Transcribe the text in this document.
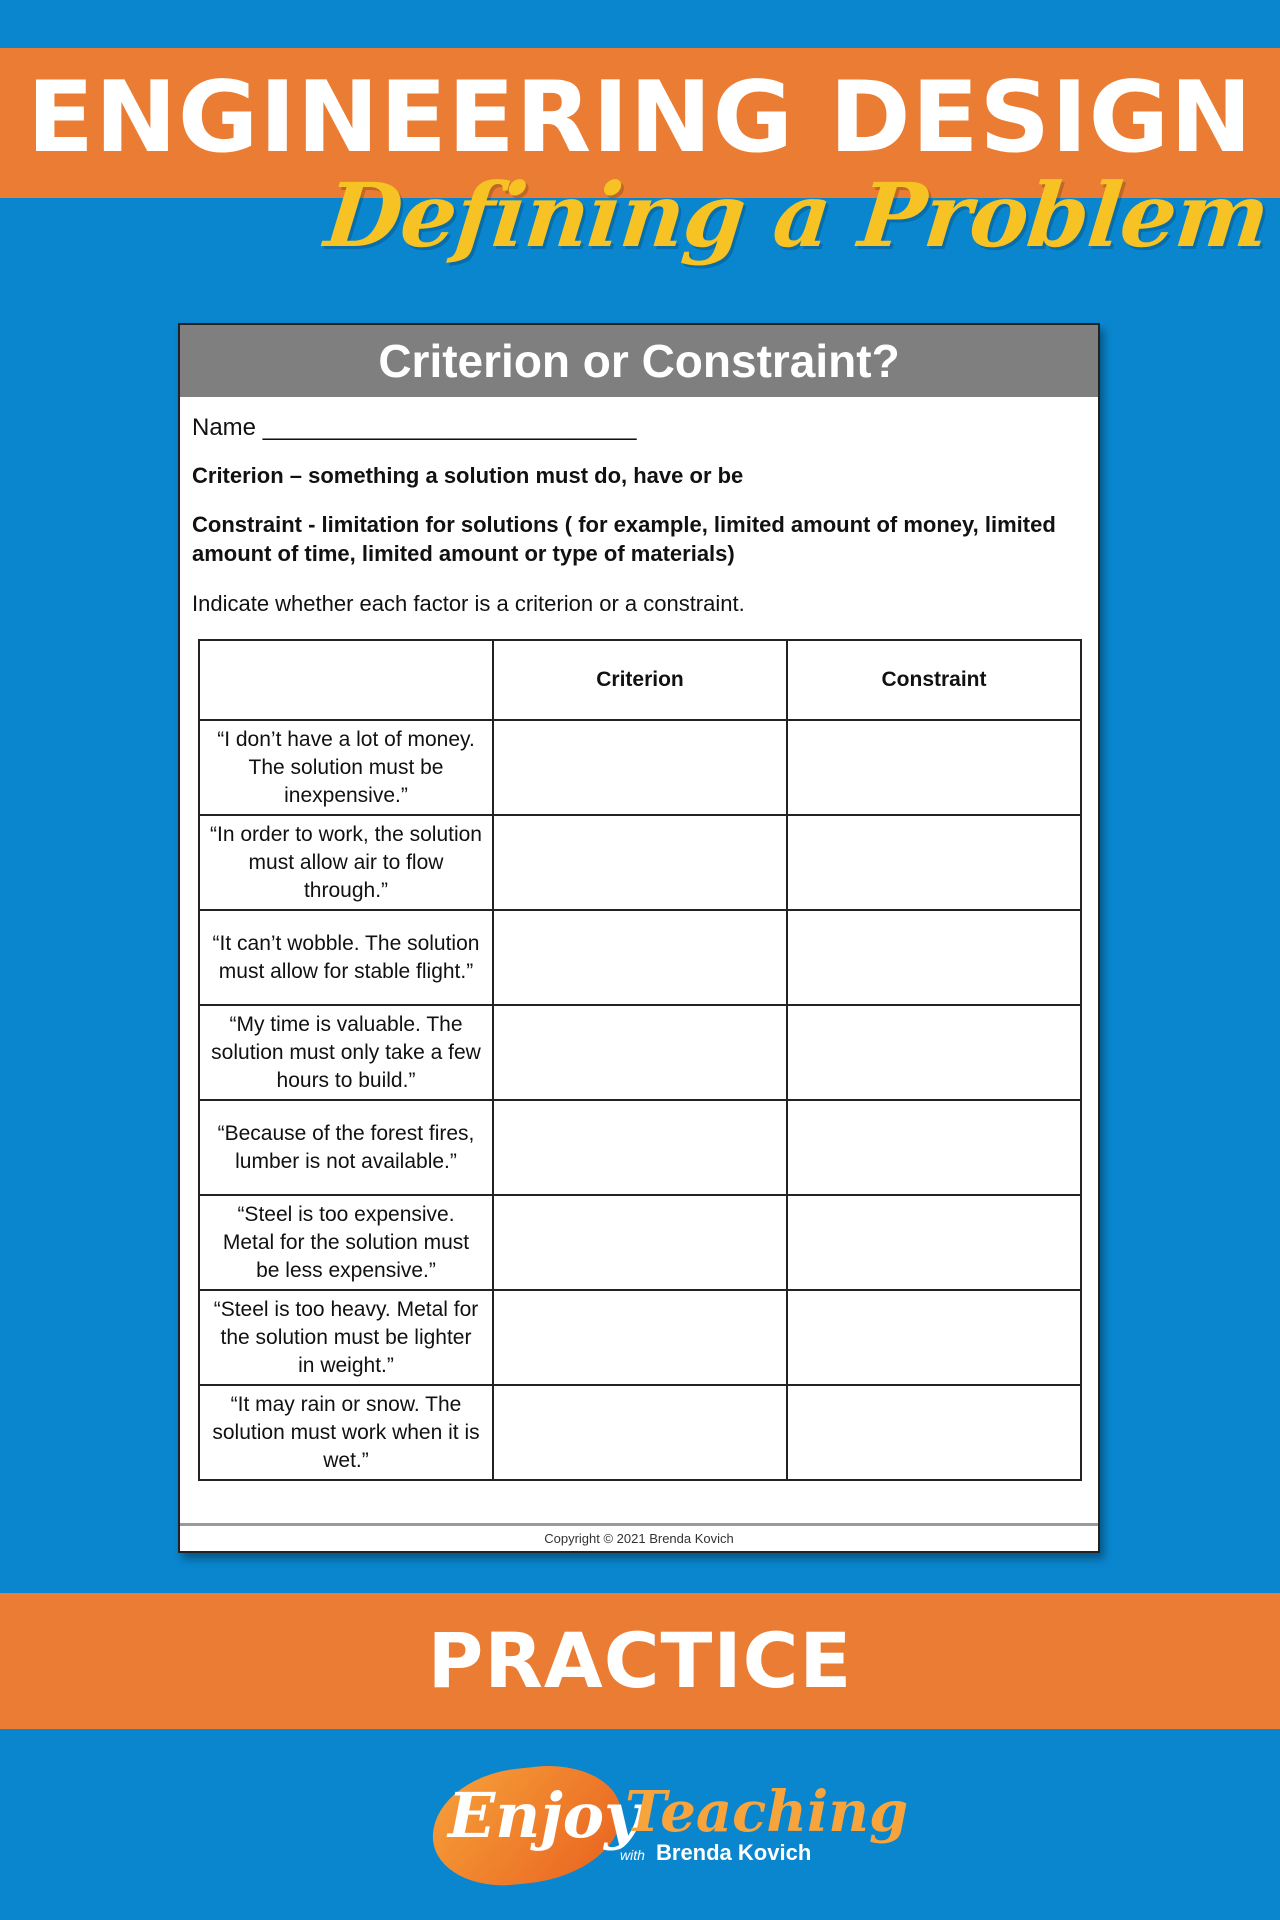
ENGINEERING DESIGN
Defining a Problem
Criterion or Constraint?
Name ____________________________
Criterion – something a solution must do, have or be
Constraint - limitation for solutions ( for example, limited amount of money, limited amount of time, limited amount or type of materials)
Indicate whether each factor is a criterion or a constraint.
	Criterion	Constraint
“I don’t have a lot of money. The solution must be inexpensive.”		
“In order to work, the solution must allow air to flow through.”		
“It can’t wobble. The solution must allow for stable flight.”		
“My time is valuable. The solution must only take a few hours to build.”		
“Because of the forest fires, lumber is not available.”		
“Steel is too expensive. Metal for the solution must be less expensive.”		
“Steel is too heavy. Metal for the solution must be lighter in weight.”		
“It may rain or snow. The solution must work when it is wet.”		
Copyright © 2021 Brenda Kovich
PRACTICE
Enjoy
Teaching
with Brenda Kovich
